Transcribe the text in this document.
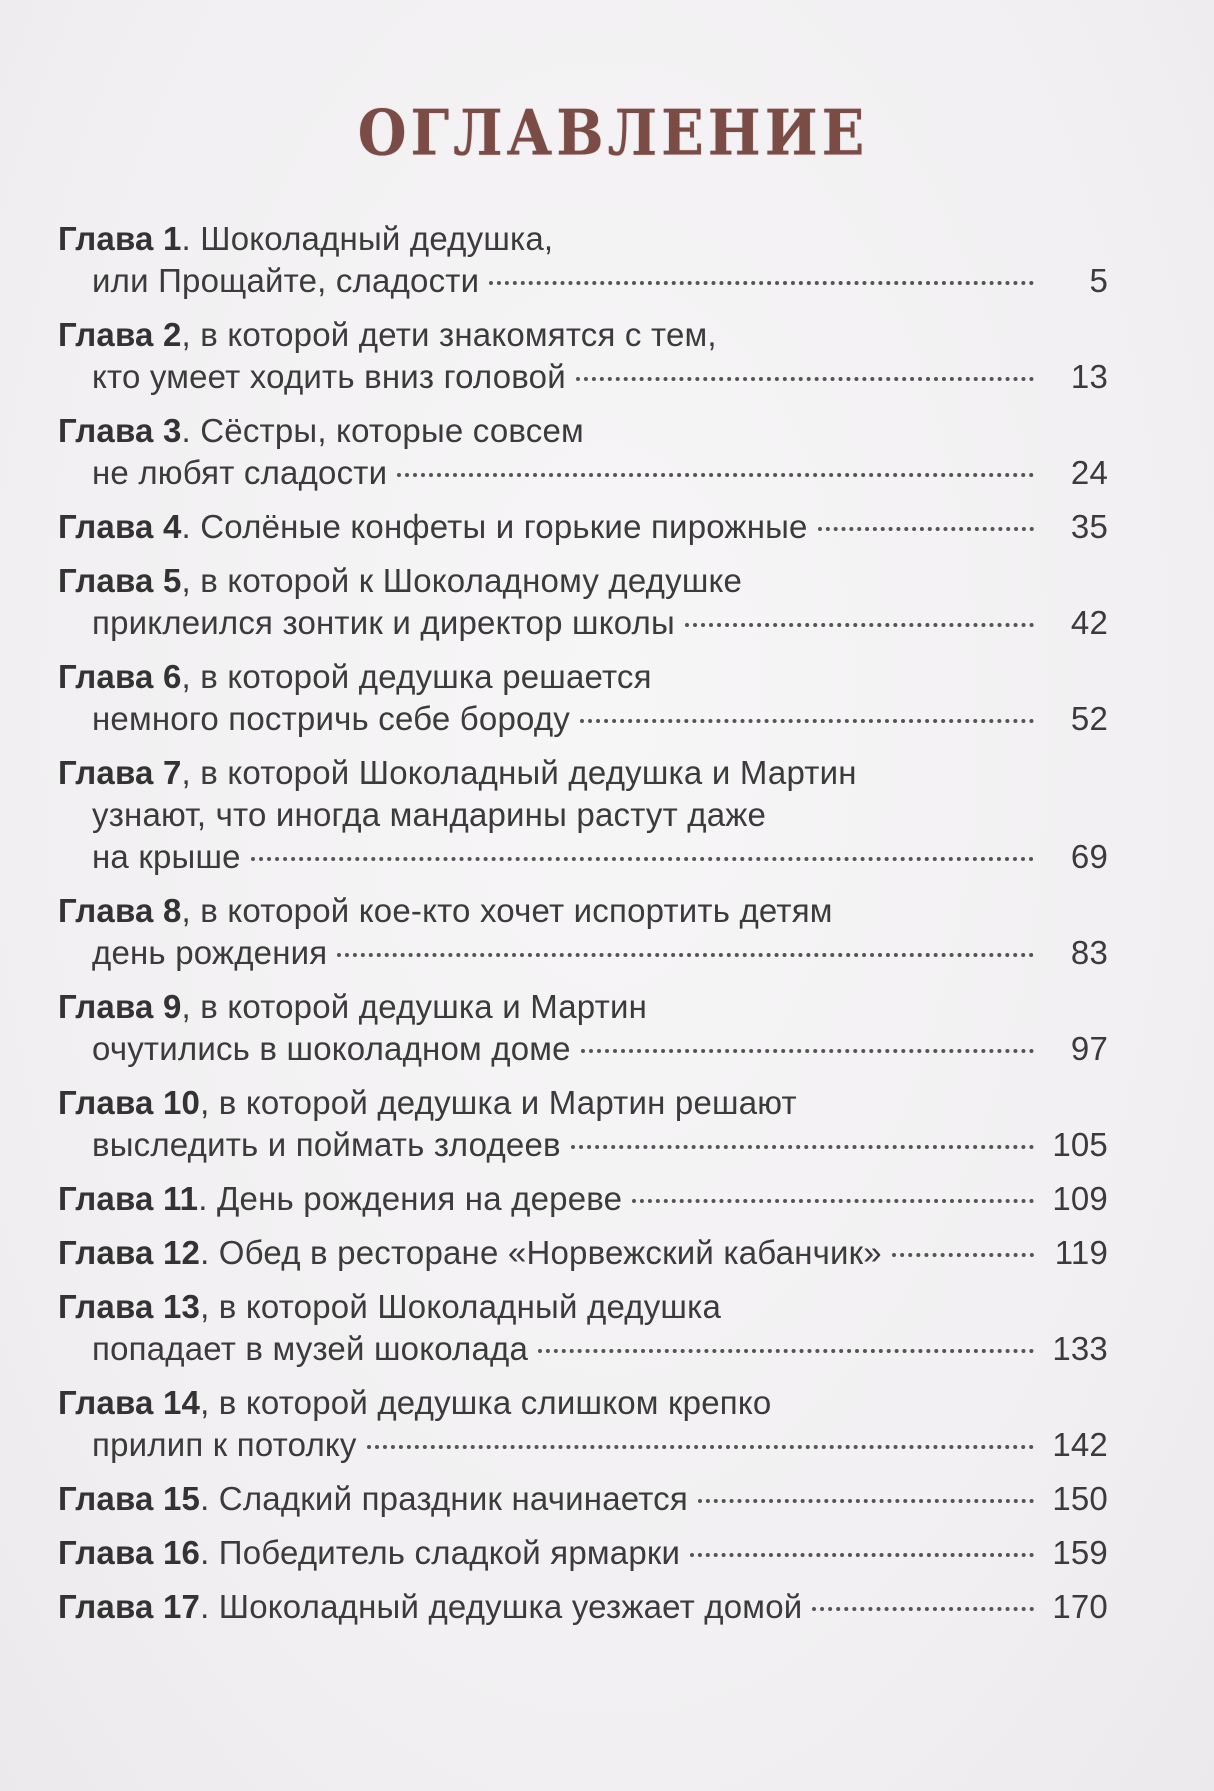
ОГЛАВЛЕНИЕ
Глава 1. Шоколадный дедушка,
или Прощайте, сладости	5
Глава 2, в которой дети знакомятся с тем,
кто умеет ходить вниз головой	13
Глава 3. Сёстры, которые совсем
не любят сладости	24
Глава 4. Солёные конфеты и горькие пирожные	35
Глава 5, в которой к Шоколадному дедушке
приклеился зонтик и директор школы	42
Глава 6, в которой дедушка решается
немного постричь себе бороду	52
Глава 7, в которой Шоколадный дедушка и Мартин
узнают, что иногда мандарины растут даже
на крыше	69
Глава 8, в которой кое-кто хочет испортить детям
день рождения	83
Глава 9, в которой дедушка и Мартин
очутились в шоколадном доме	97
Глава 10, в которой дедушка и Мартин решают
выследить и поймать злодеев	105
Глава 11. День рождения на дереве	109
Глава 12. Обед в ресторане «Норвежский кабанчик»	119
Глава 13, в которой Шоколадный дедушка
попадает в музей шоколада	133
Глава 14, в которой дедушка слишком крепко
прилип к потолку	142
Глава 15. Сладкий праздник начинается	150
Глава 16. Победитель сладкой ярмарки	159
Глава 17. Шоколадный дедушка уезжает домой	170
